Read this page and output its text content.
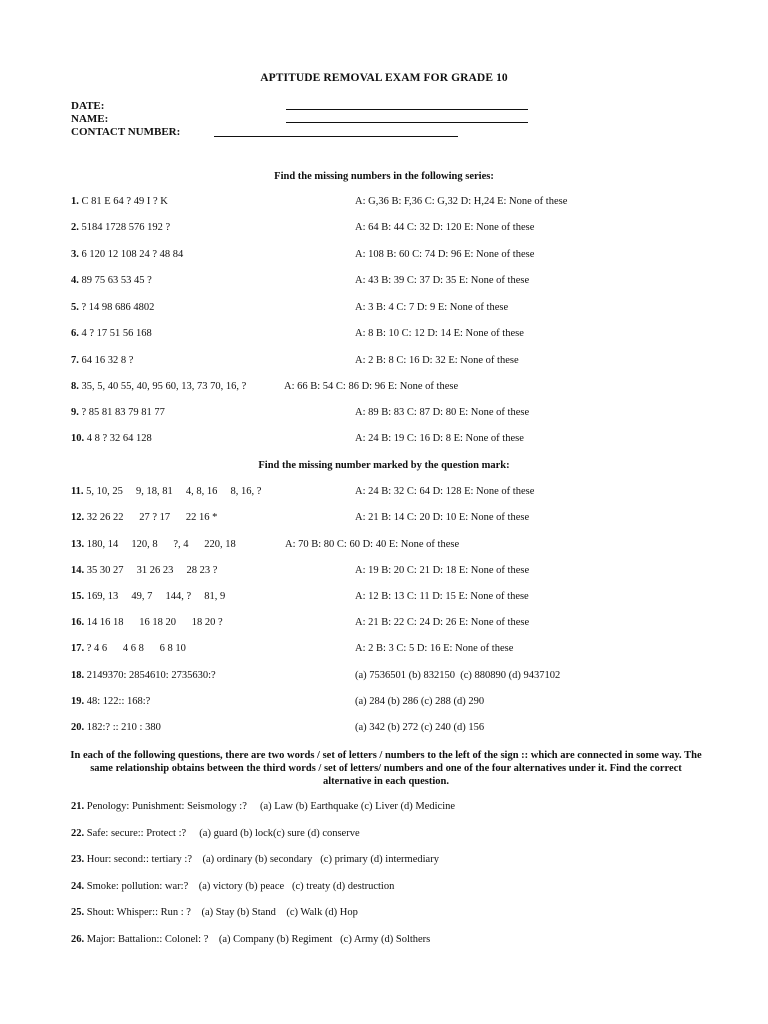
APTITUDE REMOVAL EXAM FOR GRADE 10
DATE:
NAME:
CONTACT NUMBER:
Find the missing numbers in the following series:
1. C 81 E 64 ? 49 I ? K	A: G,36 B: F,36 C: G,32 D: H,24 E: None of these
2. 5184 1728 576 192 ?	A: 64 B: 44 C: 32 D: 120 E: None of these
3. 6 120 12 108 24 ? 48 84	A: 108 B: 60 C: 74 D: 96 E: None of these
4. 89 75 63 53 45 ?	A: 43 B: 39 C: 37 D: 35 E: None of these
5. ? 14 98 686 4802	A: 3 B: 4 C: 7 D: 9 E: None of these
6. 4 ? 17 51 56 168	A: 8 B: 10 C: 12 D: 14 E: None of these
7. 64 16 32 8 ?	A: 2 B: 8 C: 16 D: 32 E: None of these
8. 35, 5, 40 55, 40, 95 60, 13, 73 70, 16, ?	A: 66 B: 54 C: 86 D: 96 E: None of these
9. ? 85 81 83 79 81 77	A: 89 B: 83 C: 87 D: 80 E: None of these
10. 4 8 ? 32 64 128	A: 24 B: 19 C: 16 D: 8 E: None of these
Find the missing number marked by the question mark:
11. 5, 10, 25     9, 18, 81     4, 8, 16     8, 16, ?	A: 24 B: 32 C: 64 D: 128 E: None of these
12. 32 26 22      27 ? 17      22 16 *	A: 21 B: 14 C: 20 D: 10 E: None of these
13. 180, 14     120, 8      ?, 4      220, 18	A: 70 B: 80 C: 60 D: 40 E: None of these
14. 35 30 27     31 26 23     28 23 ?	A: 19 B: 20 C: 21 D: 18 E: None of these
15. 169, 13     49, 7     144, ?     81, 9	A: 12 B: 13 C: 11 D: 15 E: None of these
16. 14 16 18      16 18 20      18 20 ?	A: 21 B: 22 C: 24 D: 26 E: None of these
17. ? 4 6      4 6 8      6 8 10	A: 2 B: 3 C: 5 D: 16 E: None of these
18. 2149370: 2854610: 2735630:?	(a) 7536501 (b) 832150  (c) 880890 (d) 9437102
19. 48: 122:: 168:?	(a) 284 (b) 286 (c) 288 (d) 290
20. 182:? :: 210 : 380	(a) 342 (b) 272 (c) 240 (d) 156
In each of the following questions, there are two words / set of letters / numbers to the left of the sign :: which are connected in some way. The same relationship obtains between the third words / set of letters/ numbers and one of the four alternatives under it. Find the correct alternative in each question.
21. Penology: Punishment: Seismology :?     (a) Law (b) Earthquake (c) Liver (d) Medicine
22. Safe: secure:: Protect :?     (a) guard (b) lock(c) sure (d) conserve
23. Hour: second:: tertiary :?    (a) ordinary (b) secondary   (c) primary (d) intermediary
24. Smoke: pollution: war:?    (a) victory (b) peace   (c) treaty (d) destruction
25. Shout: Whisper:: Run : ?    (a) Stay (b) Stand    (c) Walk (d) Hop
26. Major: Battalion:: Colonel: ?    (a) Company (b) Regiment   (c) Army (d) Solthers
